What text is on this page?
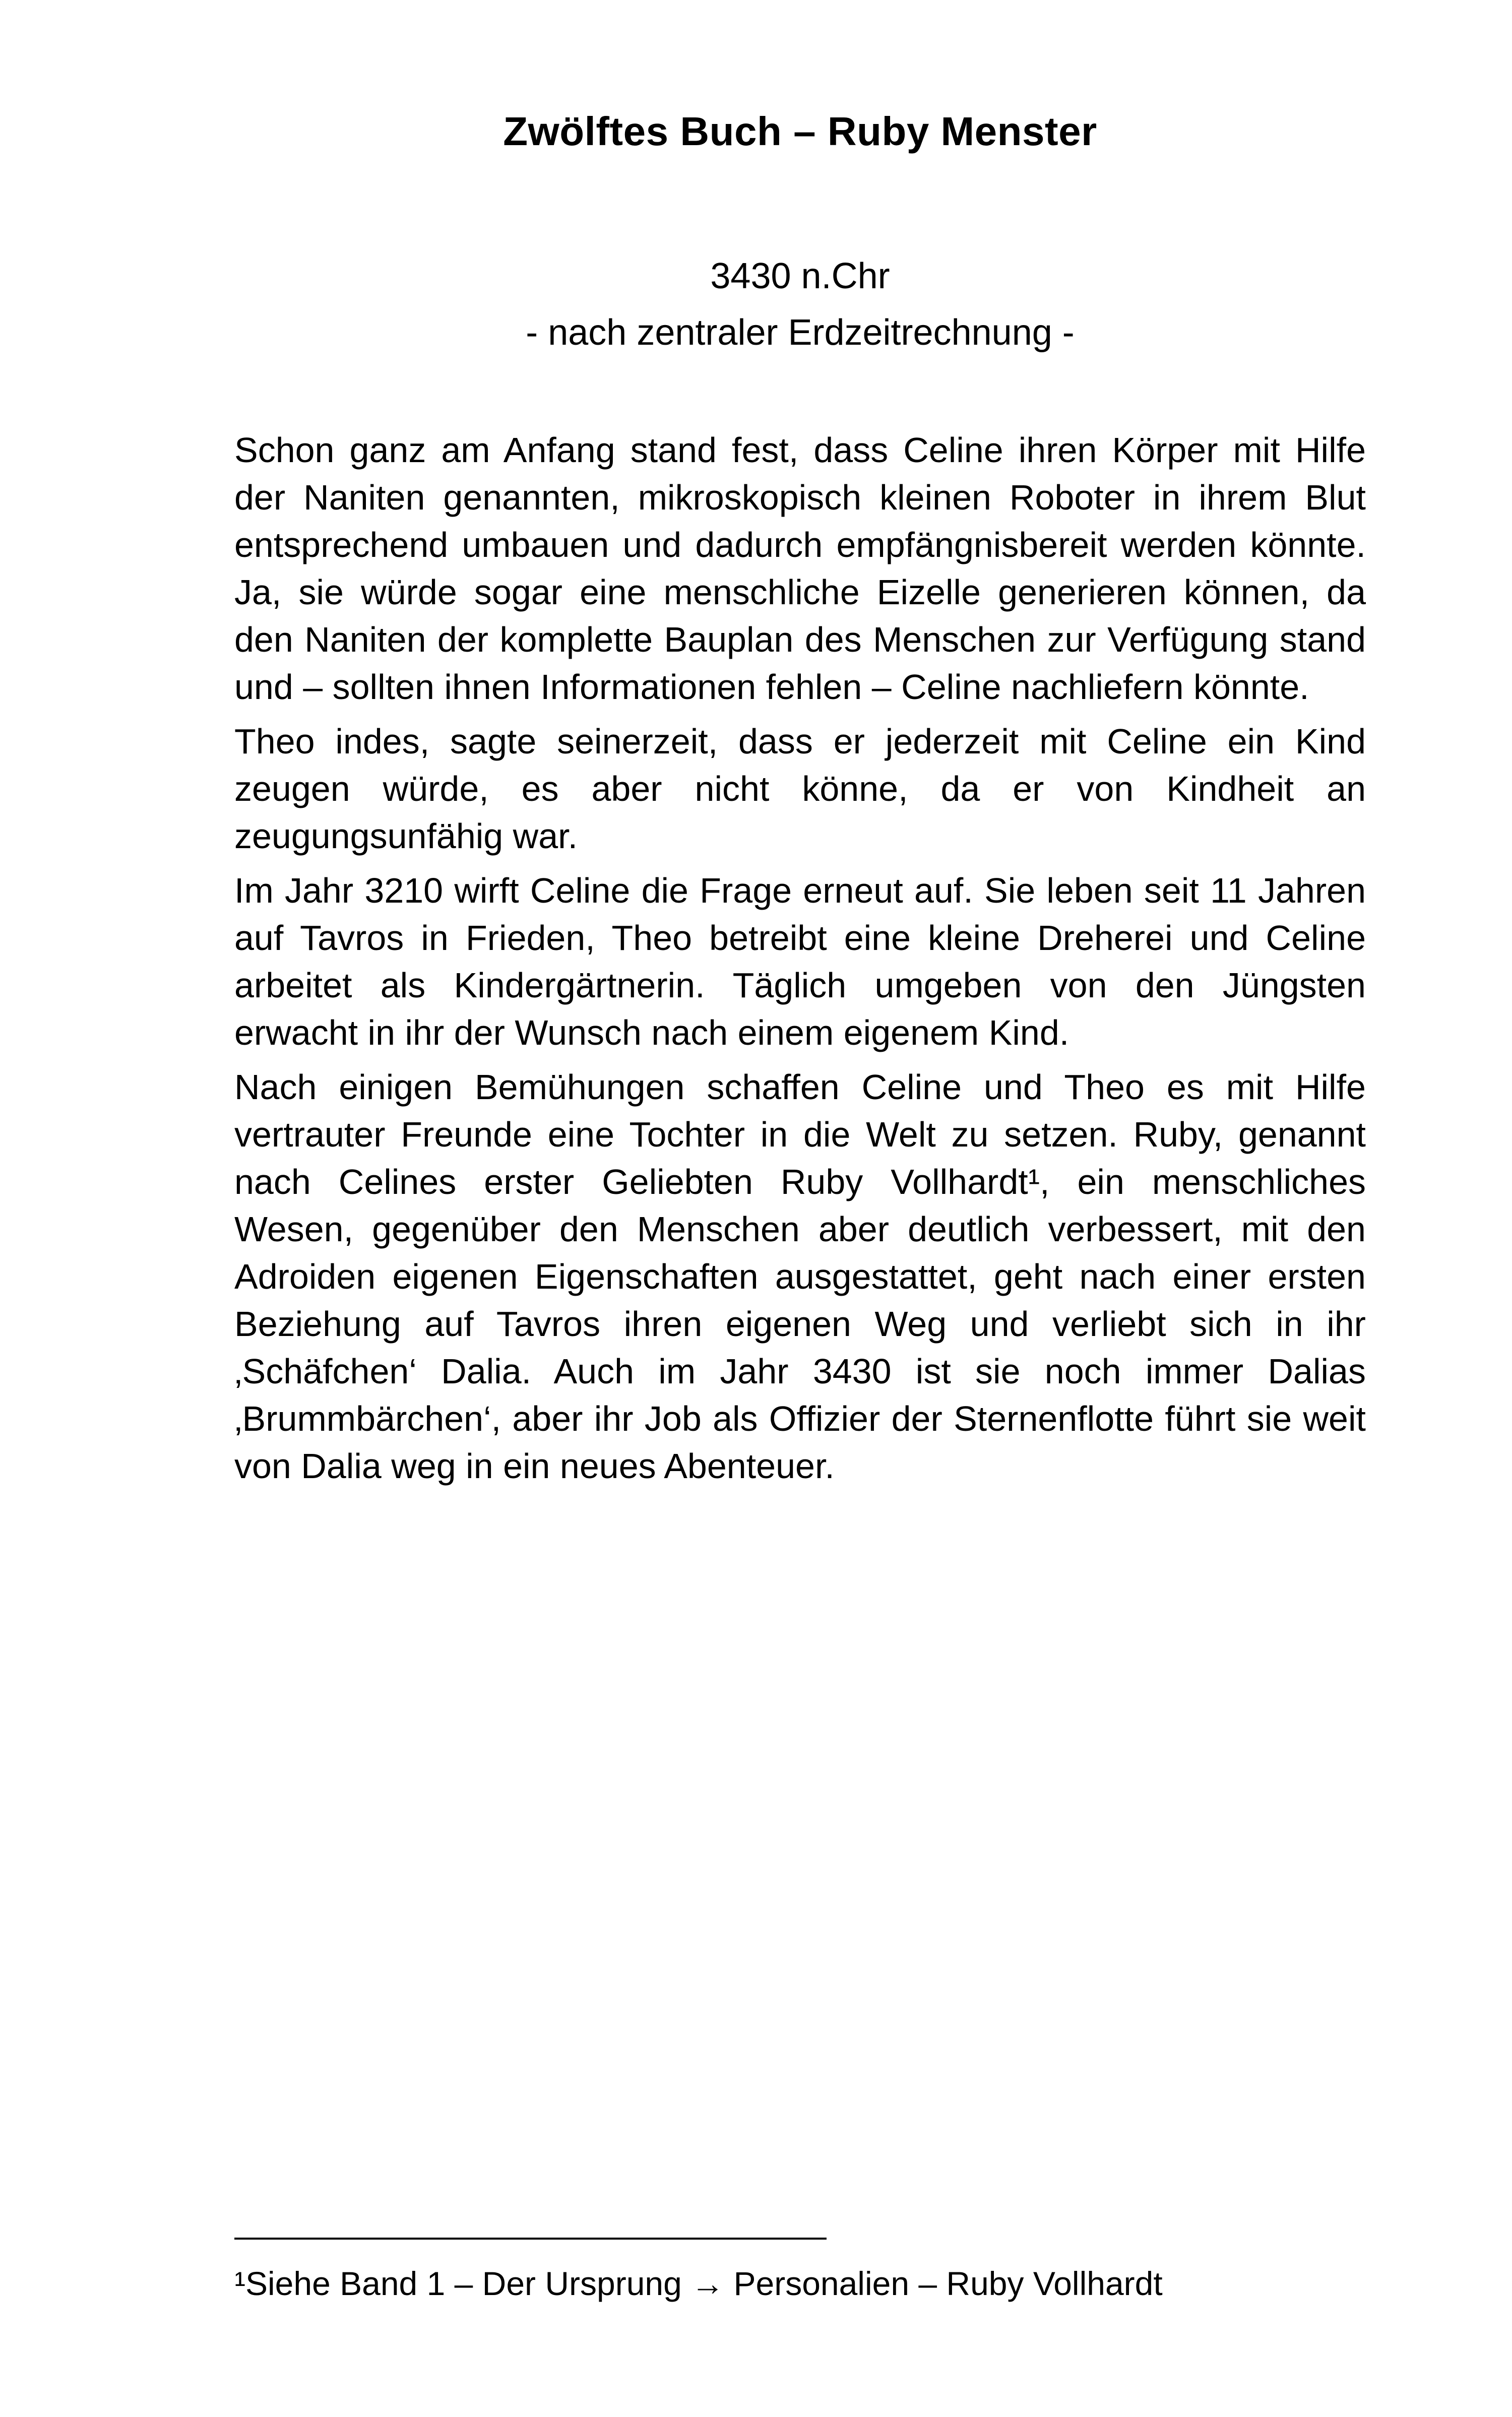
Zwölftes Buch – Ruby Menster
3430 n.Chr
- nach zentraler Erdzeitrechnung -

Schon ganz am Anfang stand fest, dass Celine ihren Körper mit Hilfe der Naniten genannten, mikroskopisch kleinen Roboter in ihrem Blut entsprechend umbauen und dadurch empfängnisbereit werden könnte. Ja, sie würde sogar eine menschliche Eizelle generieren können, da den Naniten der komplette Bauplan des Menschen zur Verfügung stand und – sollten ihnen Informationen fehlen – Celine nachliefern könnte.

Theo indes, sagte seinerzeit, dass er jederzeit mit Celine ein Kind zeugen würde, es aber nicht könne, da er von Kindheit an zeugungsunfähig war.

Im Jahr 3210 wirft Celine die Frage erneut auf. Sie leben seit 11 Jahren auf Tavros in Frieden, Theo betreibt eine kleine Dreherei und Celine arbeitet als Kindergärtnerin. Täglich umgeben von den Jüngsten erwacht in ihr der Wunsch nach einem eigenem Kind.

Nach einigen Bemühungen schaffen Celine und Theo es mit Hilfe vertrauter Freunde eine Tochter in die Welt zu setzen. Ruby, genannt nach Celines erster Geliebten Ruby Vollhardt¹, ein menschliches Wesen, gegenüber den Menschen aber deutlich verbessert, mit den Adroiden eigenen Eigenschaften ausgestattet, geht nach einer ersten Beziehung auf Tavros ihren eigenen Weg und verliebt sich in ihr ‚Schäfchen‘ Dalia. Auch im Jahr 3430 ist sie noch immer Dalias ‚Brummbärchen‘, aber ihr Job als Offizier der Sternenflotte führt sie weit von Dalia weg in ein neues Abenteuer.

¹Siehe Band 1 – Der Ursprung → Personalien – Ruby Vollhardt
